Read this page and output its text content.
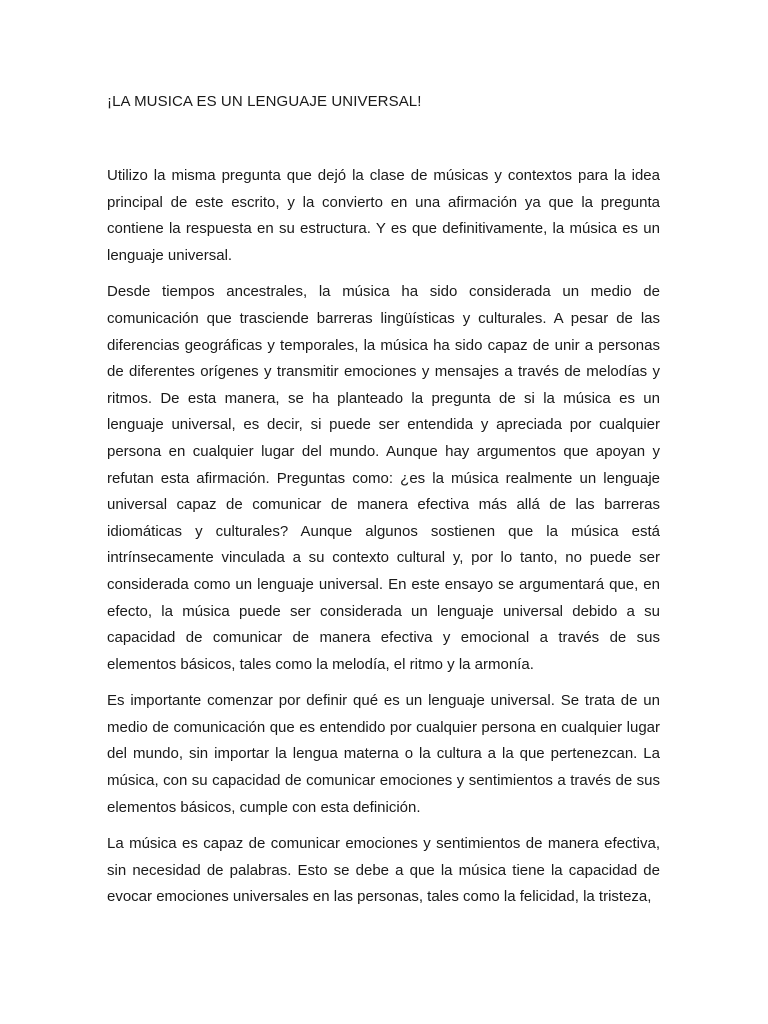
¡LA MUSICA ES UN LENGUAJE UNIVERSAL!

Utilizo la misma pregunta que dejó la clase de músicas y contextos para la idea principal de este escrito, y la convierto en una afirmación ya que la pregunta contiene la respuesta en su estructura. Y es que definitivamente, la música es un lenguaje universal.

Desde tiempos ancestrales, la música ha sido considerada un medio de comunicación que trasciende barreras lingüísticas y culturales. A pesar de las diferencias geográficas y temporales, la música ha sido capaz de unir a personas de diferentes orígenes y transmitir emociones y mensajes a través de melodías y ritmos. De esta manera, se ha planteado la pregunta de si la música es un lenguaje universal, es decir, si puede ser entendida y apreciada por cualquier persona en cualquier lugar del mundo. Aunque hay argumentos que apoyan y refutan esta afirmación. Preguntas como: ¿es la música realmente un lenguaje universal capaz de comunicar de manera efectiva más allá de las barreras idiomáticas y culturales? Aunque algunos sostienen que la música está intrínsecamente vinculada a su contexto cultural y, por lo tanto, no puede ser considerada como un lenguaje universal. En este ensayo se argumentará que, en efecto, la música puede ser considerada un lenguaje universal debido a su capacidad de comunicar de manera efectiva y emocional a través de sus elementos básicos, tales como la melodía, el ritmo y la armonía.

Es importante comenzar por definir qué es un lenguaje universal. Se trata de un medio de comunicación que es entendido por cualquier persona en cualquier lugar del mundo, sin importar la lengua materna o la cultura a la que pertenezcan. La música, con su capacidad de comunicar emociones y sentimientos a través de sus elementos básicos, cumple con esta definición.

La música es capaz de comunicar emociones y sentimientos de manera efectiva, sin necesidad de palabras. Esto se debe a que la música tiene la capacidad de evocar emociones universales en las personas, tales como la felicidad, la tristeza,
